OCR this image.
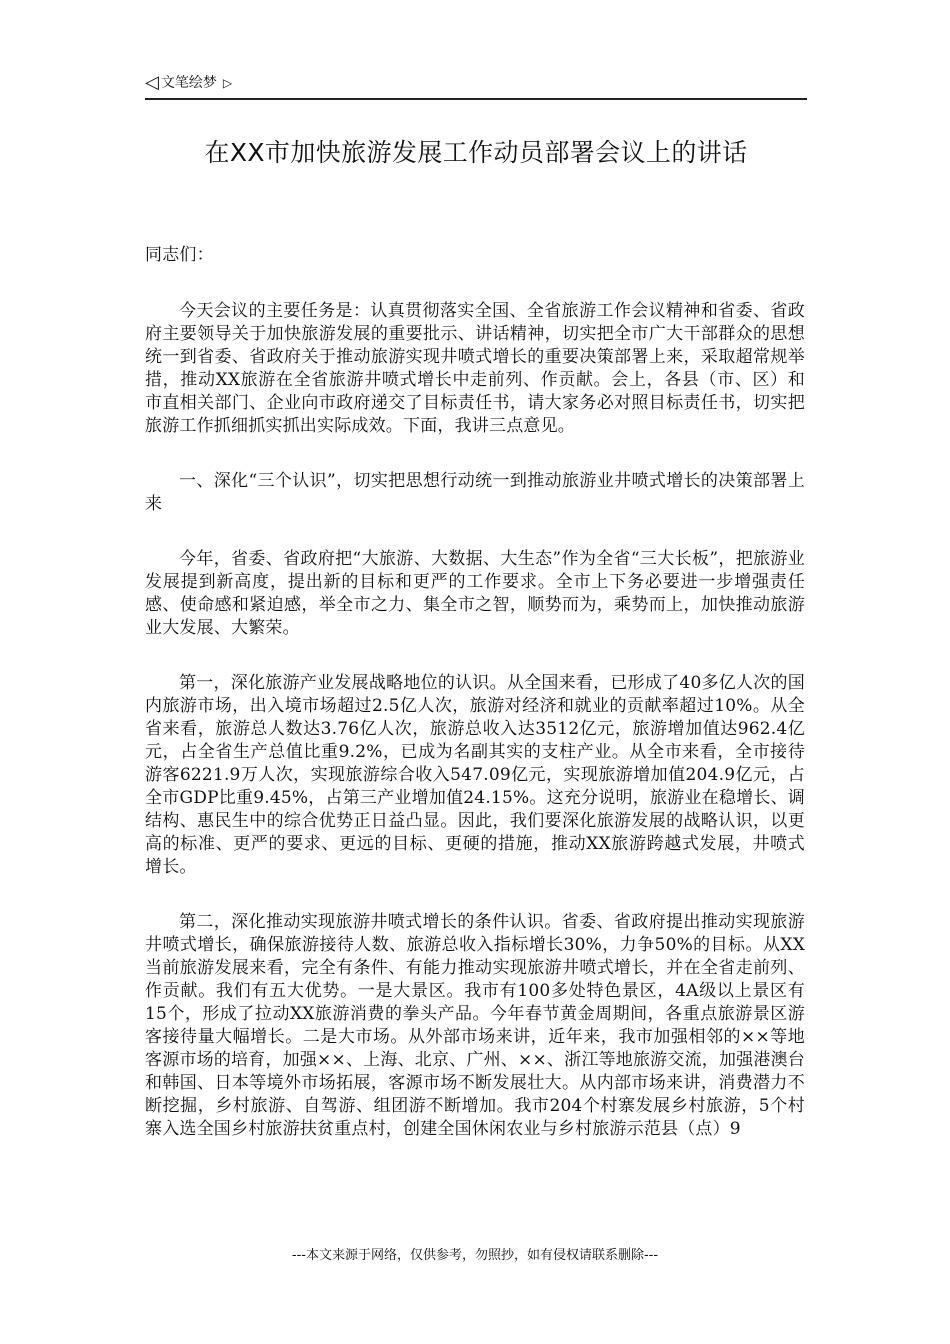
◁ 文笔绘梦 ▷
在XX市加快旅游发展工作动员部署会议上的讲话
同志们：
今天会议的主要任务是：认真贯彻落实全国、全省旅游工作会议精神和省委、省政府主要领导关于加快旅游发展的重要批示、讲话精神，切实把全市广大干部群众的思想统一到省委、省政府关于推动旅游实现井喷式增长的重要决策部署上来，采取超常规举措，推动XX旅游在全省旅游井喷式增长中走前列、作贡献。会上，各县（市、区）和市直相关部门、企业向市政府递交了目标责任书，请大家务必对照目标责任书，切实把旅游工作抓细抓实抓出实际成效。下面，我讲三点意见。
一、深化“三个认识”，切实把思想行动统一到推动旅游业井喷式增长的决策部署上来
今年，省委、省政府把“大旅游、大数据、大生态”作为全省“三大长板”，把旅游业发展提到新高度，提出新的目标和更严的工作要求。全市上下务必要进一步增强责任感、使命感和紧迫感，举全市之力、集全市之智，顺势而为，乘势而上，加快推动旅游业大发展、大繁荣。
第一，深化旅游产业发展战略地位的认识。从全国来看，已形成了40多亿人次的国内旅游市场，出入境市场超过2.5亿人次，旅游对经济和就业的贡献率超过10%。从全省来看，旅游总人数达3.76亿人次，旅游总收入达3512亿元，旅游增加值达962.4亿元，占全省生产总值比重9.2%，已成为名副其实的支柱产业。从全市来看，全市接待游客6221.9万人次，实现旅游综合收入547.09亿元，实现旅游增加值204.9亿元，占全市GDP比重9.45%，占第三产业增加值24.15%。这充分说明，旅游业在稳增长、调结构、惠民生中的综合优势正日益凸显。因此，我们要深化旅游发展的战略认识，以更高的标准、更严的要求、更远的目标、更硬的措施，推动XX旅游跨越式发展，井喷式增长。
第二，深化推动实现旅游井喷式增长的条件认识。省委、省政府提出推动实现旅游井喷式增长，确保旅游接待人数、旅游总收入指标增长30%，力争50%的目标。从XX当前旅游发展来看，完全有条件、有能力推动实现旅游井喷式增长，并在全省走前列、作贡献。我们有五大优势。一是大景区。我市有100多处特色景区，4A级以上景区有15个，形成了拉动XX旅游消费的拳头产品。今年春节黄金周期间，各重点旅游景区游客接待量大幅增长。二是大市场。从外部市场来讲，近年来，我市加强相邻的××等地客源市场的培育，加强××、上海、北京、广州、××、浙江等地旅游交流，加强港澳台和韩国、日本等境外市场拓展，客源市场不断发展壮大。从内部市场来讲，消费潜力不断挖掘，乡村旅游、自驾游、组团游不断增加。我市204个村寨发展乡村旅游，5个村寨入选全国乡村旅游扶贫重点村，创建全国休闲农业与乡村旅游示范县（点）9
---本文来源于网络，仅供参考，勿照抄，如有侵权请联系删除---
